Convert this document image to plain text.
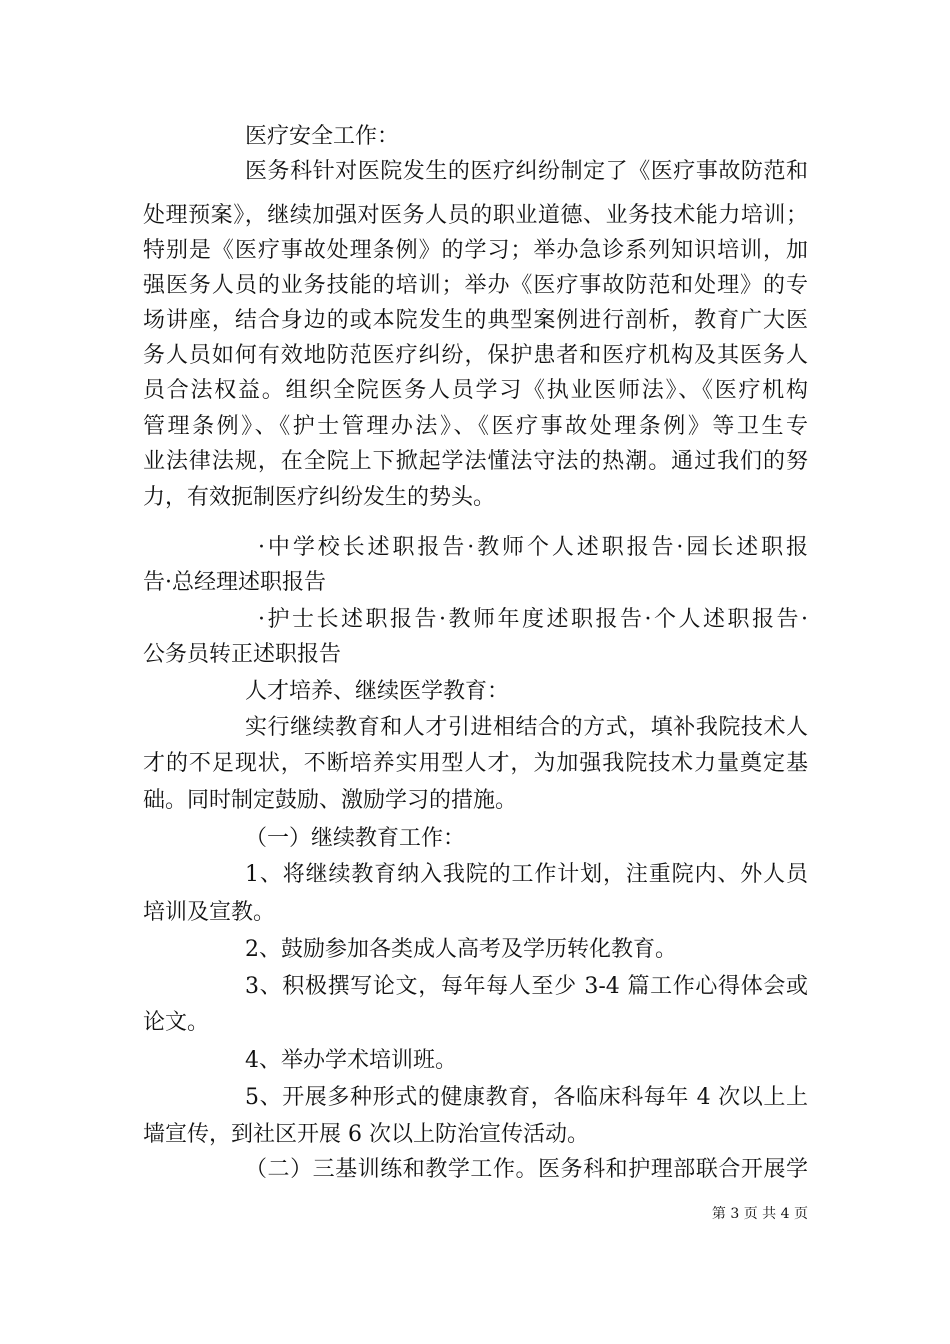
医疗安全工作：
医务科针对医院发生的医疗纠纷制定了《医疗事故防范和
处理预案》，继续加强对医务人员的职业道德、业务技术能力培训；
特别是《医疗事故处理条例》的学习；举办急诊系列知识培训，加
强医务人员的业务技能的培训；举办《医疗事故防范和处理》的专
场讲座，结合身边的或本院发生的典型案例进行剖析，教育广大医
务人员如何有效地防范医疗纠纷，保护患者和医疗机构及其医务人
员合法权益。组织全院医务人员学习《执业医师法》、《医疗机构
管理条例》、《护士管理办法》、《医疗事故处理条例》等卫生专
业法律法规，在全院上下掀起学法懂法守法的热潮。通过我们的努
力，有效扼制医疗纠纷发生的势头。
·中学校长述职报告·教师个人述职报告·园长述职报
告·总经理述职报告
·护士长述职报告·教师年度述职报告·个人述职报告·
公务员转正述职报告
人才培养、继续医学教育：
实行继续教育和人才引进相结合的方式，填补我院技术人
才的不足现状，不断培养实用型人才，为加强我院技术力量奠定基
础。同时制定鼓励、激励学习的措施。
（一）继续教育工作：
1、将继续教育纳入我院的工作计划，注重院内、外人员
培训及宣教。
2、鼓励参加各类成人高考及学历转化教育。
3、积极撰写论文，每年每人至少 3-4 篇工作心得体会或
论文。
4、举办学术培训班。
5、开展多种形式的健康教育，各临床科每年 4 次以上上
墙宣传，到社区开展 6 次以上防治宣传活动。
（二）三基训练和教学工作。医务科和护理部联合开展学
第 3 页 共 4 页
